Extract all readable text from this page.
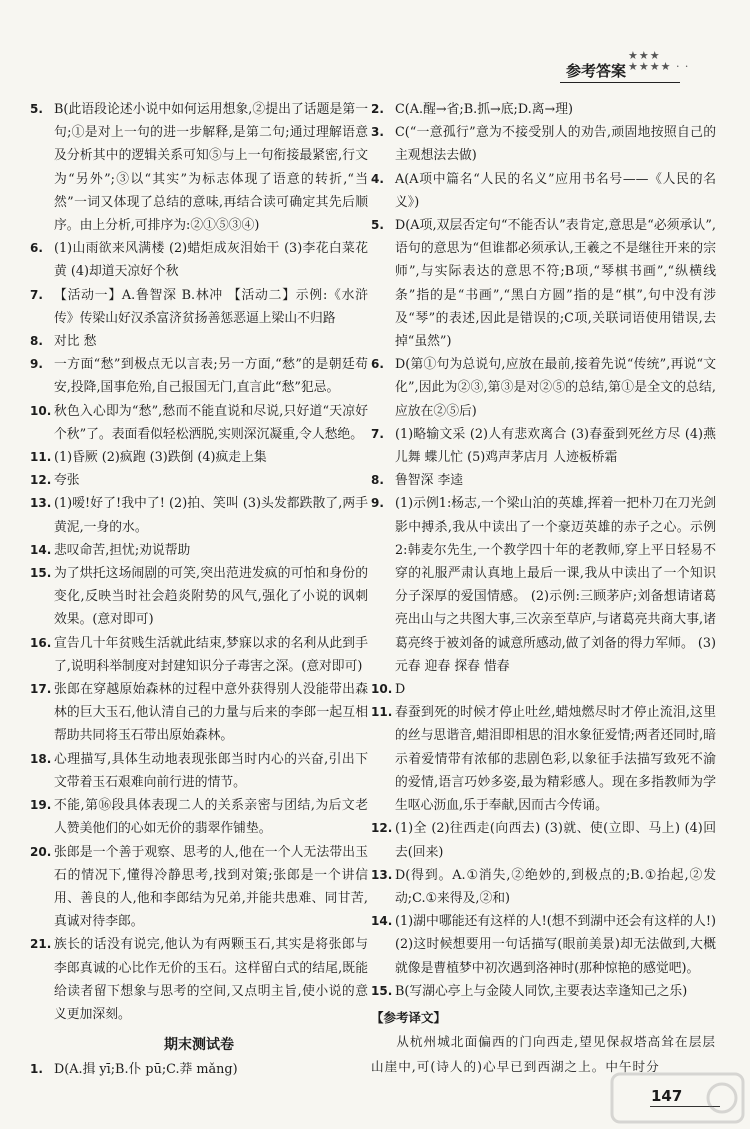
参考答案
★★★
★★★★ · ·
5. B(此语段论述小说中如何运用想象,②提出了话题是第一句;①是对上一句的进一步解释,是第二句;通过理解语意及分析其中的逻辑关系可知⑤与上一句衔接最紧密,行文为“另外”;③以“其实”为标志体现了语意的转折,“当然”一词又体现了总结的意味,再结合读可确定其先后顺序。由上分析,可排序为:②①⑤③④)
6. (1)山雨欲来风满楼 (2)蜡炬成灰泪始干 (3)李花白菜花黄 (4)却道天凉好个秋
7. 【活动一】A.鲁智深 B.林冲 【活动二】示例:《水浒传》传梁山好汉杀富济贫扬善惩恶逼上梁山不归路
8. 对比 愁
9. 一方面“愁”到极点无以言表;另一方面,“愁”的是朝廷苟安,投降,国事危殆,自己报国无门,直言此“愁”犯忌。
10. 秋色入心即为“愁”,愁而不能直说和尽说,只好道“天凉好个秋”了。表面看似轻松洒脱,实则深沉凝重,令人愁绝。
11. (1)昏厥 (2)疯跑 (3)跌倒 (4)疯走上集
12. 夸张
13. (1)嗳!好了!我中了! (2)拍、笑叫 (3)头发都跌散了,两手黄泥,一身的水。
14. 悲叹命苦,担忧;劝说帮助
15. 为了烘托这场闹剧的可笑,突出范进发疯的可怕和身份的变化,反映当时社会趋炎附势的风气,强化了小说的讽刺效果。(意对即可)
16. 宣告几十年贫贱生活就此结束,梦寐以求的名利从此到手了,说明科举制度对封建知识分子毒害之深。(意对即可)
17. 张郎在穿越原始森林的过程中意外获得别人没能带出森林的巨大玉石,他认清自己的力量与后来的李郎一起互相帮助共同将玉石带出原始森林。
18. 心理描写,具体生动地表现张郎当时内心的兴奋,引出下文带着玉石艰难向前行进的情节。
19. 不能,第⑯段具体表现二人的关系亲密与团结,为后文老人赞美他们的心如无价的翡翠作铺垫。
20. 张郎是一个善于观察、思考的人,他在一个人无法带出玉石的情况下,懂得冷静思考,找到对策;张郎是一个讲信用、善良的人,他和李郎结为兄弟,并能共患难、同甘苦,真诚对待李郎。
21. 族长的话没有说完,他认为有两颗玉石,其实是将张郎与李郎真诚的心比作无价的玉石。这样留白式的结尾,既能给读者留下想象与思考的空间,又点明主旨,使小说的意义更加深刻。
期末测试卷
1. D(A.揖 yī;B.仆 pū;C.莽 mǎng)
2. C(A.醒→省;B.抓→底;D.离→理)
3. C(“一意孤行”意为不接受别人的劝告,顽固地按照自己的主观想法去做)
4. A(A项中篇名“人民的名义”应用书名号——《人民的名义》)
5. D(A项,双层否定句“不能否认”表肯定,意思是“必须承认”,语句的意思为“但谁都必须承认,王羲之不是继往开来的宗师”,与实际表达的意思不符;B项,“琴棋书画”,“纵横线条”指的是“书画”,“黑白方圆”指的是“棋”,句中没有涉及“琴”的表述,因此是错误的;C项,关联词语使用错误,去掉“虽然”)
6. D(第①句为总说句,应放在最前,接着先说“传统”,再说“文化”,因此为②③,第③是对②⑤的总结,第①是全文的总结,应放在②⑤后)
7. (1)略输文采 (2)人有悲欢离合 (3)春蚕到死丝方尽 (4)燕儿舞 蝶儿忙 (5)鸡声茅店月 人迹板桥霜
8. 鲁智深 李逵
9. (1)示例1:杨志,一个梁山泊的英雄,挥着一把朴刀在刀光剑影中搏杀,我从中读出了一个豪迈英雄的赤子之心。示例2:韩麦尔先生,一个教学四十年的老教师,穿上平日轻易不穿的礼服严肃认真地上最后一课,我从中读出了一个知识分子深厚的爱国情感。 (2)示例:三顾茅庐;刘备想请诸葛亮出山与之共图大事,三次亲至草庐,与诸葛亮共商大事,诸葛亮终于被刘备的诚意所感动,做了刘备的得力军师。 (3)元春 迎春 探春 惜春
10. D
11. 春蚕到死的时候才停止吐丝,蜡烛燃尽时才停止流泪,这里的丝与思谐音,蜡泪即相思的泪水象征爱情;两者还同时,暗示着爱情带有浓郁的悲剧色彩,以象征手法描写致死不渝的爱情,语言巧妙多姿,最为精彩感人。现在多指教师为学生呕心沥血,乐于奉献,因而古今传诵。
12. (1)全 (2)往西走(向西去) (3)就、使(立即、马上) (4)回去(回来)
13. D(得到。A.①消失,②绝妙的,到极点的;B.①抬起,②发动;C.①来得及,②和)
14. (1)湖中哪能还有这样的人!(想不到湖中还会有这样的人!) (2)这时候想要用一句话描写(眼前美景)却无法做到,大概就像是曹植梦中初次遇到洛神时(那种惊艳的感觉吧)。
15. B(写湖心亭上与金陵人同饮,主要表达幸逢知己之乐)
【参考译文】
从杭州城北面偏西的门向西走,望见保叔塔高耸在层层山崖中,可(诗人的)心早已到西湖之上。中午时分
147
